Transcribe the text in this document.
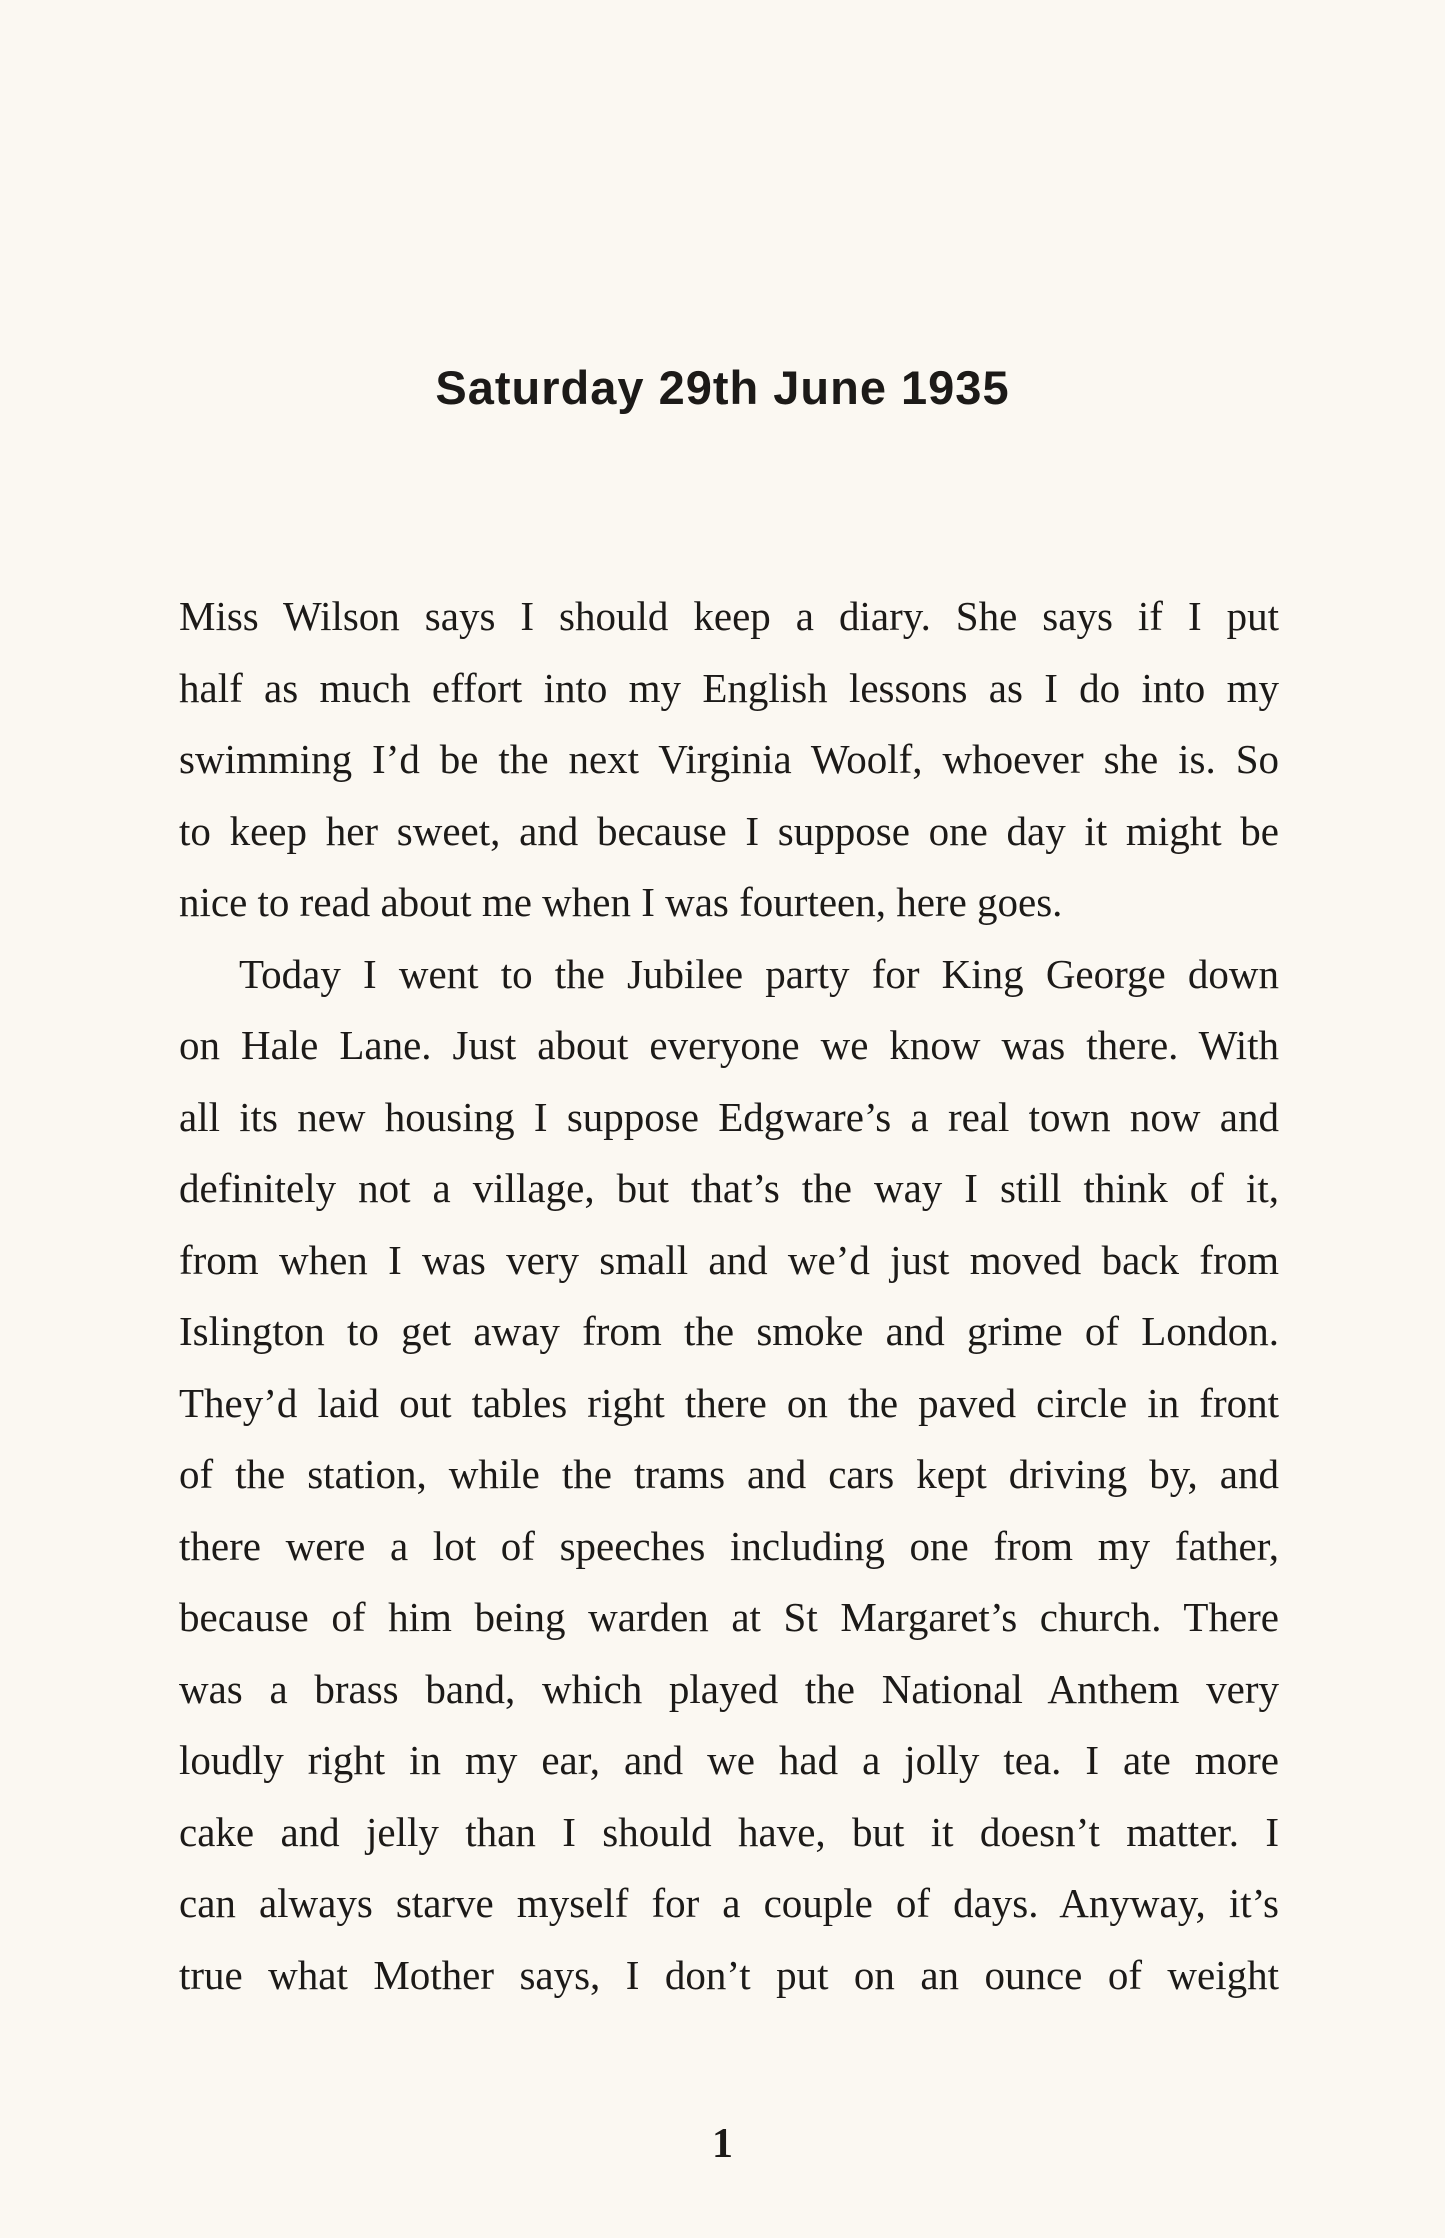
Saturday 29th June 1935
Miss Wilson says I should keep a diary. She says if I put
half as much effort into my English lessons as I do into my
swimming I’d be the next Virginia Woolf, whoever she is. So
to keep her sweet, and because I suppose one day it might be
nice to read about me when I was fourteen, here goes.
Today I went to the Jubilee party for King George down
on Hale Lane. Just about everyone we know was there. With
all its new housing I suppose Edgware’s a real town now and
definitely not a village, but that’s the way I still think of it,
from when I was very small and we’d just moved back from
Islington to get away from the smoke and grime of London.
They’d laid out tables right there on the paved circle in front
of the station, while the trams and cars kept driving by, and
there were a lot of speeches including one from my father,
because of him being warden at St Margaret’s church. There
was a brass band, which played the National Anthem very
loudly right in my ear, and we had a jolly tea. I ate more
cake and jelly than I should have, but it doesn’t matter. I
can always starve myself for a couple of days. Anyway, it’s
true what Mother says, I don’t put on an ounce of weight
1
